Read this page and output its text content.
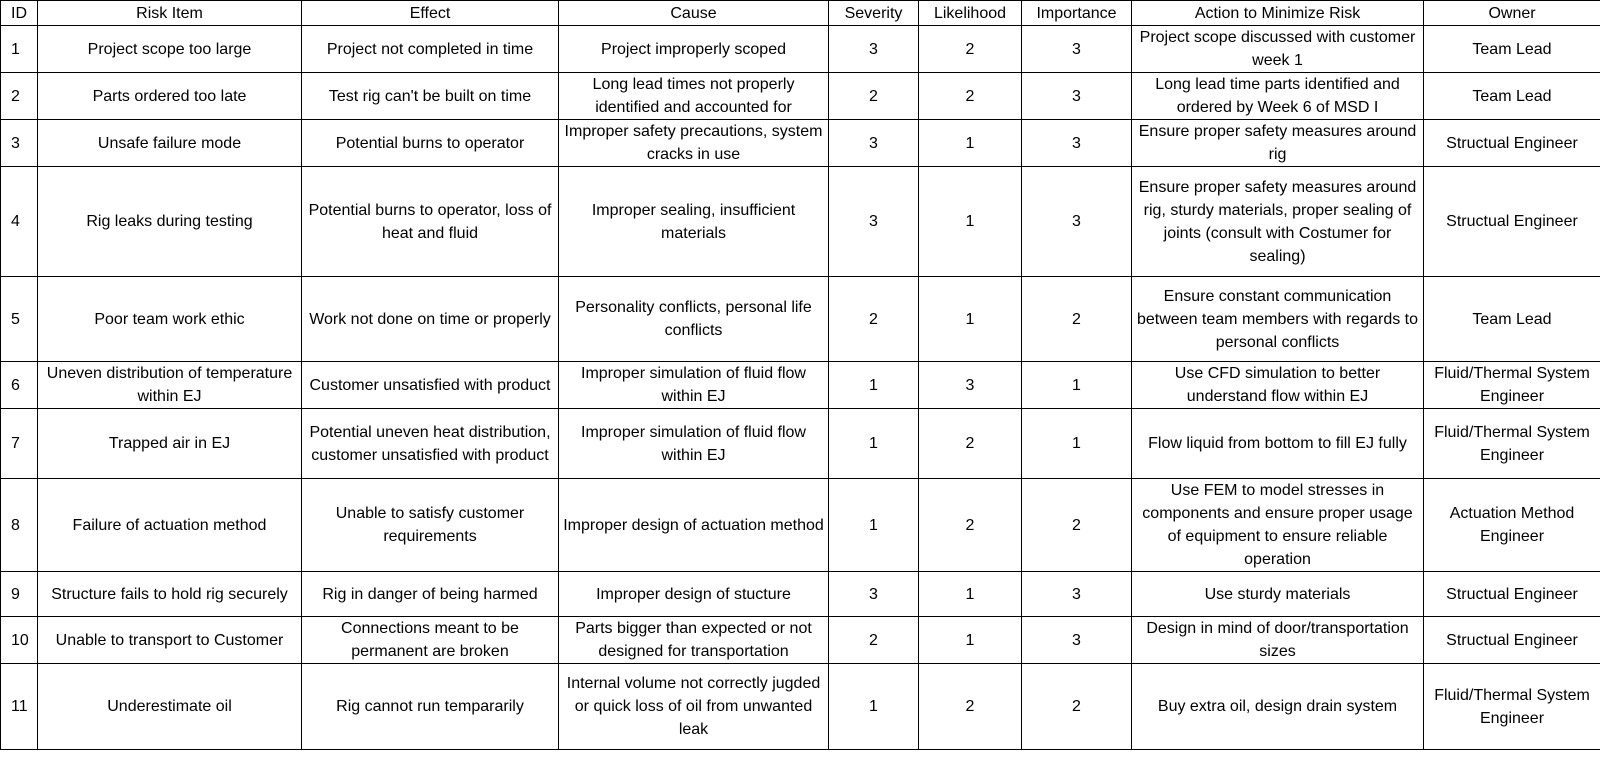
ID	Risk Item	Effect	Cause	Severity	Likelihood	Importance	Action to Minimize Risk	Owner
1	Project scope too large	Project not completed in time	Project improperly scoped	3	2	3	Project scope discussed with customer week 1	Team Lead
2	Parts ordered too late	Test rig can't be built on time	Long lead times not properly identified and accounted for	2	2	3	Long lead time parts identified and ordered by Week 6 of MSD I	Team Lead
3	Unsafe failure mode	Potential burns to operator	Improper safety precautions, system cracks in use	3	1	3	Ensure proper safety measures around rig	Structual Engineer
4	Rig leaks during testing	Potential burns to operator, loss of heat and fluid	Improper sealing, insufficient materials	3	1	3	Ensure proper safety measures around rig, sturdy materials, proper sealing of joints (consult with Costumer for sealing)	Structual Engineer
5	Poor team work ethic	Work not done on time or properly	Personality conflicts, personal life conflicts	2	1	2	Ensure constant communication between team members with regards to personal conflicts	Team Lead
6	Uneven distribution of temperature within EJ	Customer unsatisfied with product	Improper simulation of fluid flow within EJ	1	3	1	Use CFD simulation to better understand flow within EJ	Fluid/Thermal System Engineer
7	Trapped air in EJ	Potential uneven heat distribution, customer unsatisfied with product	Improper simulation of fluid flow within EJ	1	2	1	Flow liquid from bottom to fill EJ fully	Fluid/Thermal System Engineer
8	Failure of actuation method	Unable to satisfy customer requirements	Improper design of actuation method	1	2	2	Use FEM to model stresses in components and ensure proper usage of equipment to ensure reliable operation	Actuation Method Engineer
9	Structure fails to hold rig securely	Rig in danger of being harmed	Improper design of stucture	3	1	3	Use sturdy materials	Structual Engineer
10	Unable to transport to Customer	Connections meant to be permanent are broken	Parts bigger than expected or not designed for transportation	2	1	3	Design in mind of door/transportation sizes	Structual Engineer
11	Underestimate oil	Rig cannot run tempararily	Internal volume not correctly jugded or quick loss of oil from unwanted leak	1	2	2	Buy extra oil, design drain system	Fluid/Thermal System Engineer
